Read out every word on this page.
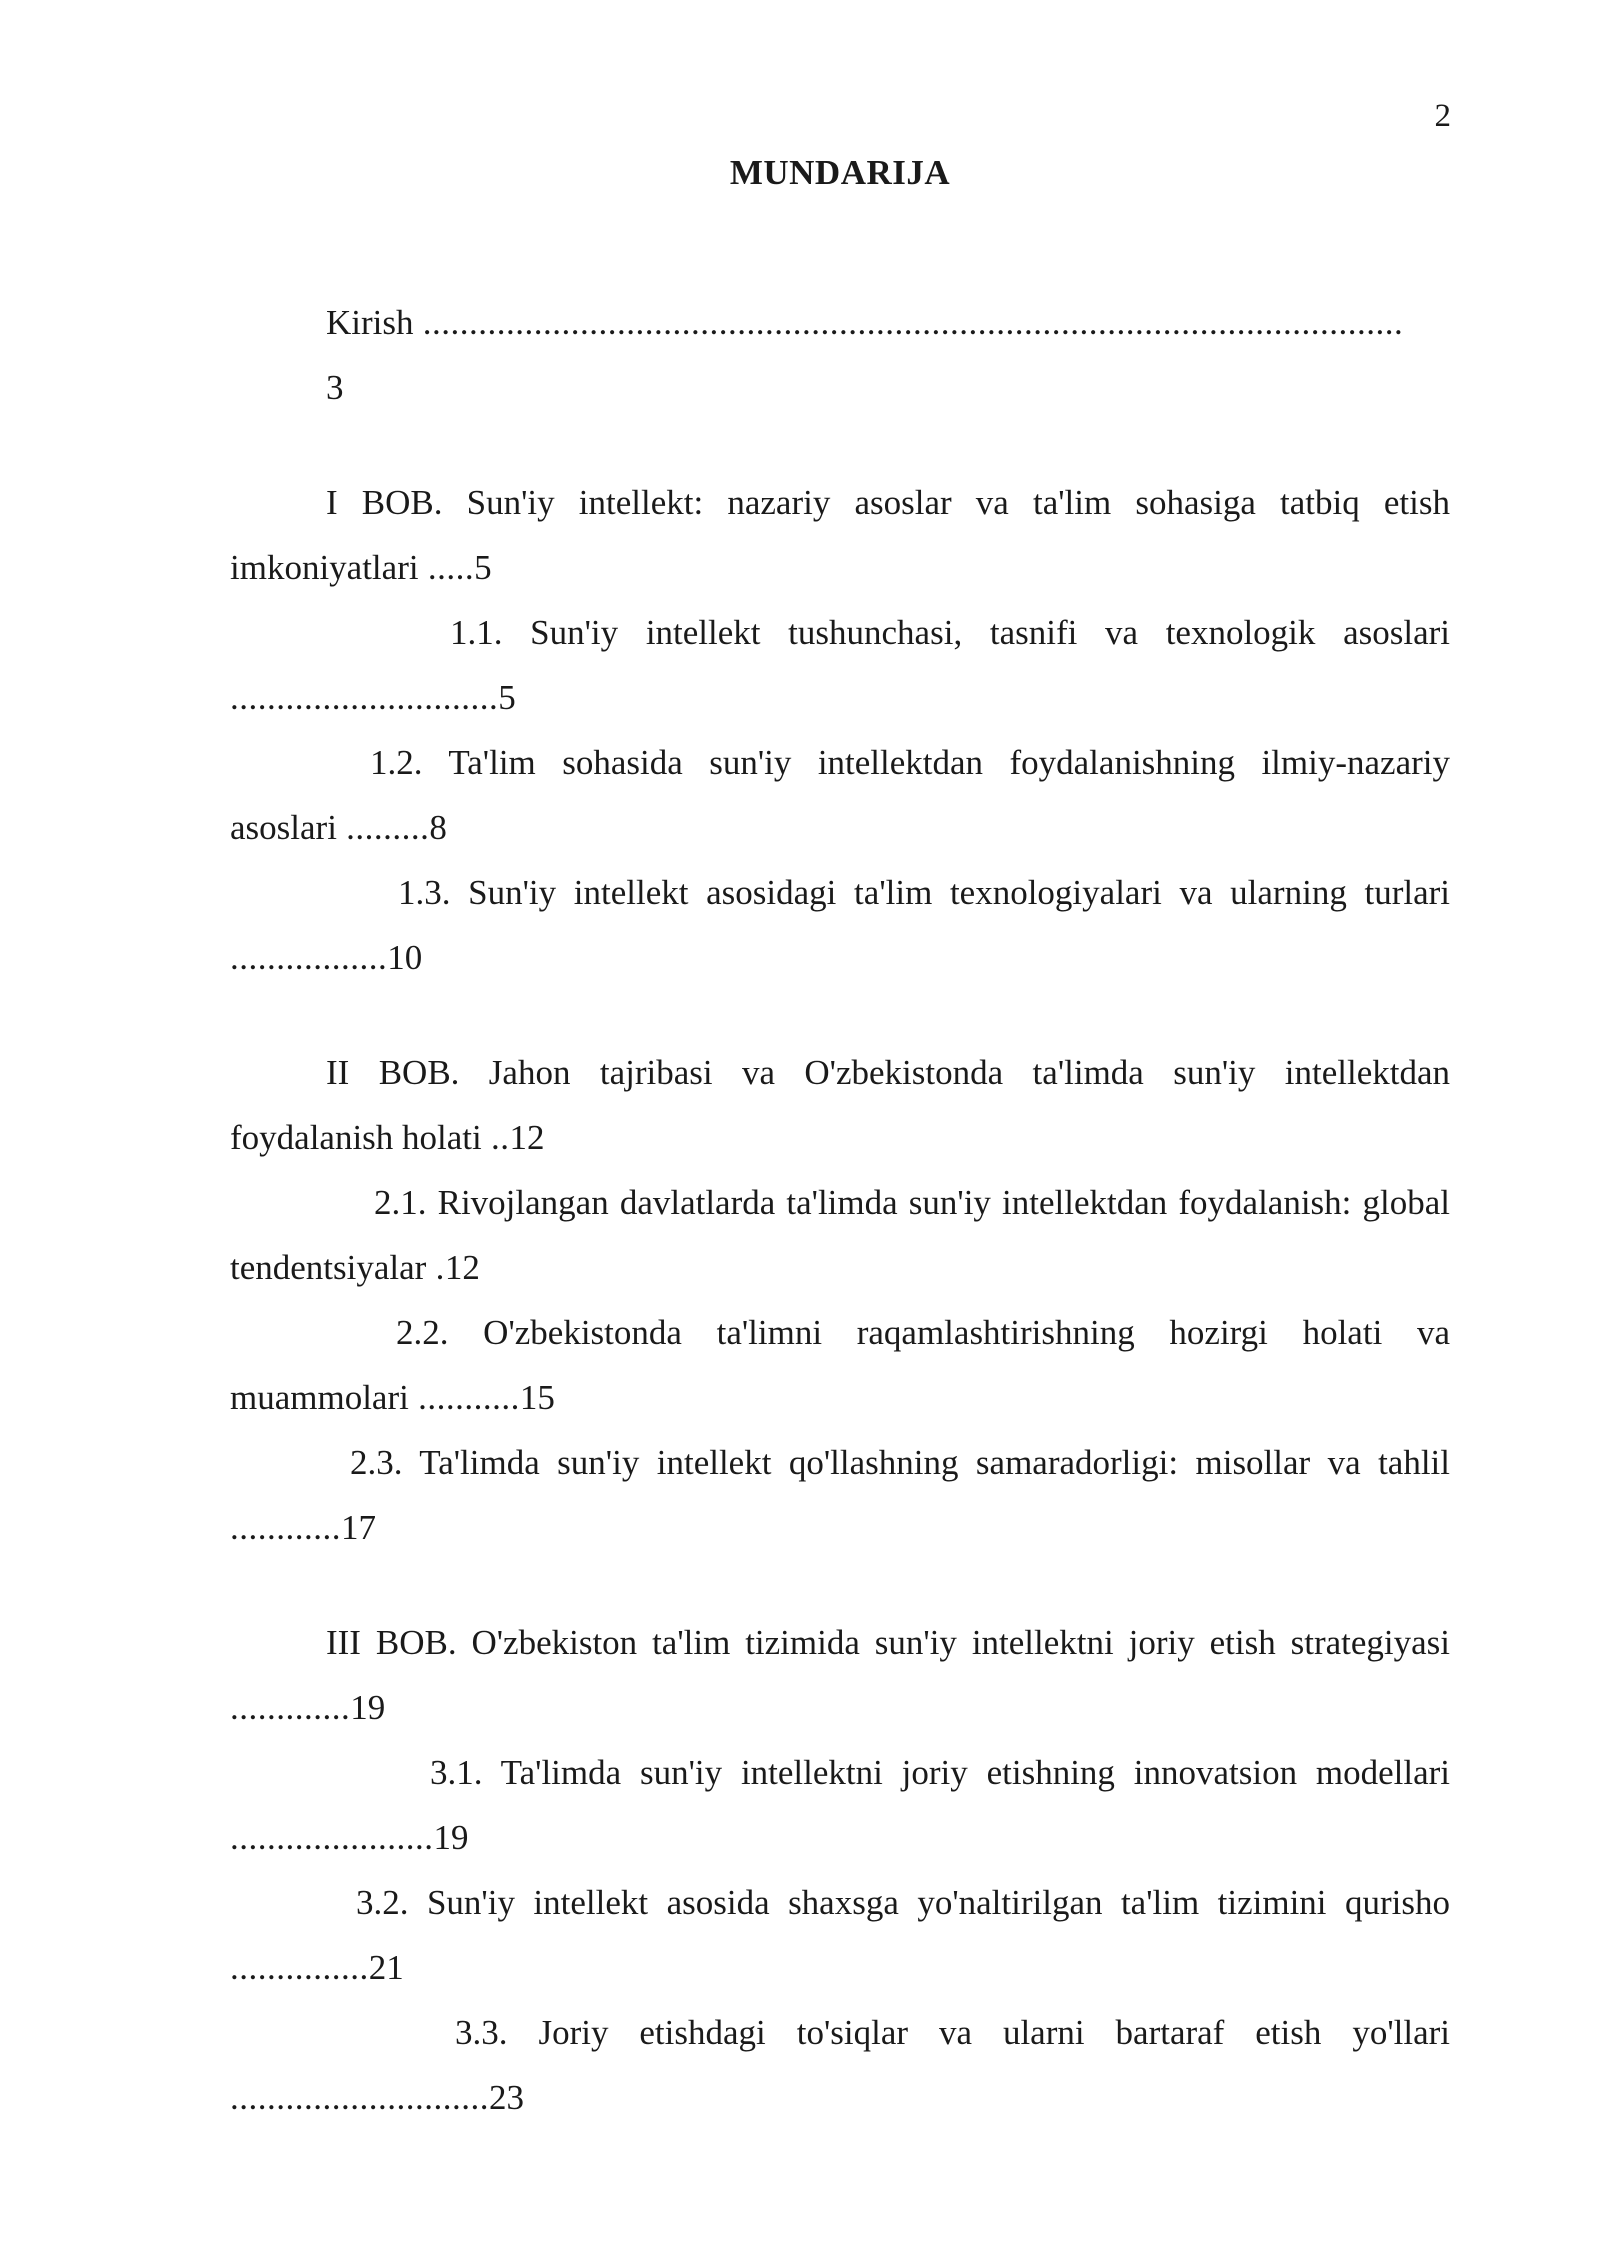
2
MUNDARIJA
Kirish ..........................................................................................................
3
I BOB. Sun'iy intellekt: nazariy asoslar va ta'lim sohasiga tatbiq etish imkoniyatlari .....5
1.1. Sun'iy intellekt tushunchasi, tasnifi va texnologik asoslari .............................5
1.2. Ta'lim sohasida sun'iy intellektdan foydalanishning ilmiy-nazariy asoslari .........8
1.3. Sun'iy intellekt asosidagi ta'lim texnologiyalari va ularning turlari .................10
II BOB. Jahon tajribasi va O'zbekistonda ta'limda sun'iy intellektdan foydalanish holati ..12
2.1. Rivojlangan davlatlarda ta'limda sun'iy intellektdan foydalanish: global tendentsiyalar .12
2.2. O'zbekistonda ta'limni raqamlashtirishning hozirgi holati va muammolari ...........15
2.3. Ta'limda sun'iy intellekt qo'llashning samaradorligi: misollar va tahlil ............17
III BOB. O'zbekiston ta'lim tizimida sun'iy intellektni joriy etish strategiyasi .............19
3.1. Ta'limda sun'iy intellektni joriy etishning innovatsion modellari ......................19
3.2. Sun'iy intellekt asosida shaxsga yo'naltirilgan ta'lim tizimini qurisho ...............21
3.3. Joriy etishdagi to'siqlar va ularni bartaraf etish yo'llari ............................23
